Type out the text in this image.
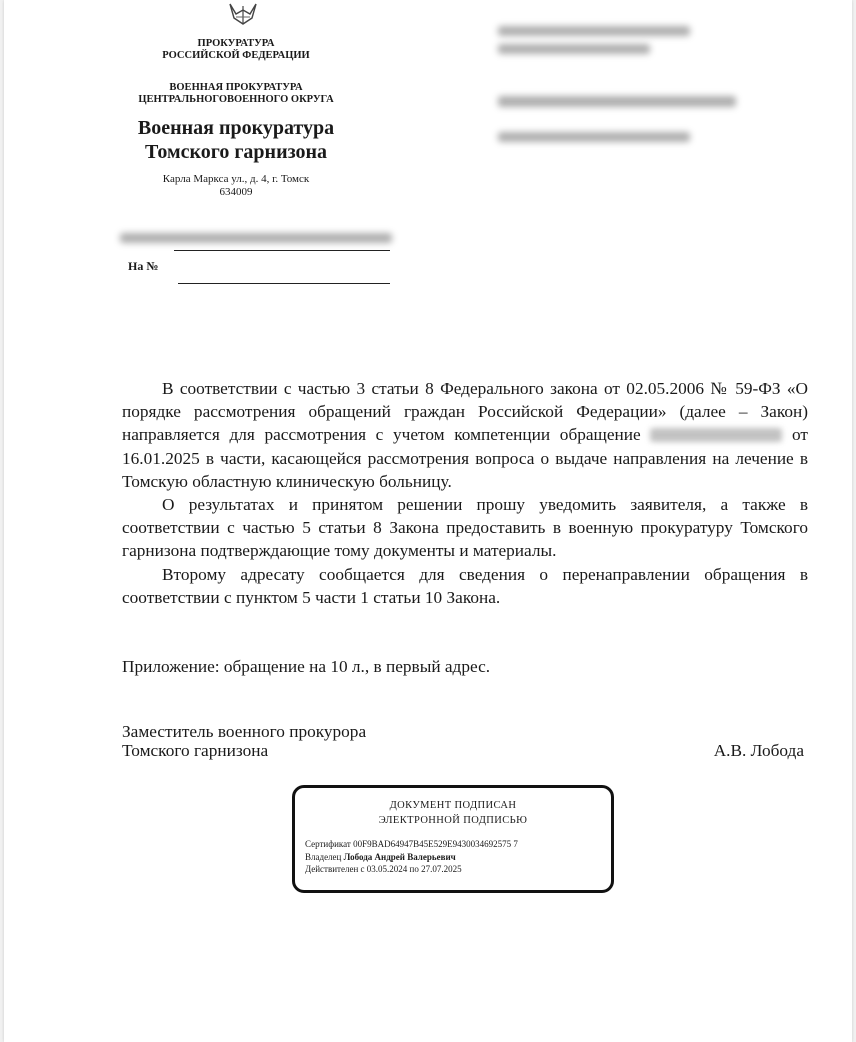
ПРОКУРАТУРА
РОССИЙСКОЙ ФЕДЕРАЦИИ
ВОЕННАЯ ПРОКУРАТУРА
ЦЕНТРАЛЬНОГОВОЕННОГО ОКРУГА
Военная прокуратура
Томского гарнизона
Карла Маркса ул., д. 4, г. Томск
634009
На №

В соответствии с частью 3 статьи 8 Федерального закона от 02.05.2006 № 59-ФЗ «О порядке рассмотрения обращений граждан Российской Федерации» (далее – Закон) направляется для рассмотрения с учетом компетенции обращение	от 16.01.2025 в части, касающейся рассмотрения вопроса о выдаче направления на лечение в Томскую областную клиническую больницу.

О результатах и принятом решении прошу уведомить заявителя, а также в соответствии с частью 5 статьи 8 Закона предоставить в военную прокуратуру Томского гарнизона подтверждающие тому документы и материалы.

Второму адресату сообщается для сведения о перенаправлении обращения в соответствии с пунктом 5 части 1 статьи 10 Закона.

Приложение: обращение на 10 л., в первый адрес.
Заместитель военного прокурора
Томского гарнизона	А.В. Лобода
ДОКУМЕНТ ПОДПИСАН
ЭЛЕКТРОННОЙ ПОДПИСЬЮ
Сертификат 00F9BAD64947B45E529E9430034692575 7
Владелец Лобода Андрей Валерьевич
Действителен с 03.05.2024 по 27.07.2025
